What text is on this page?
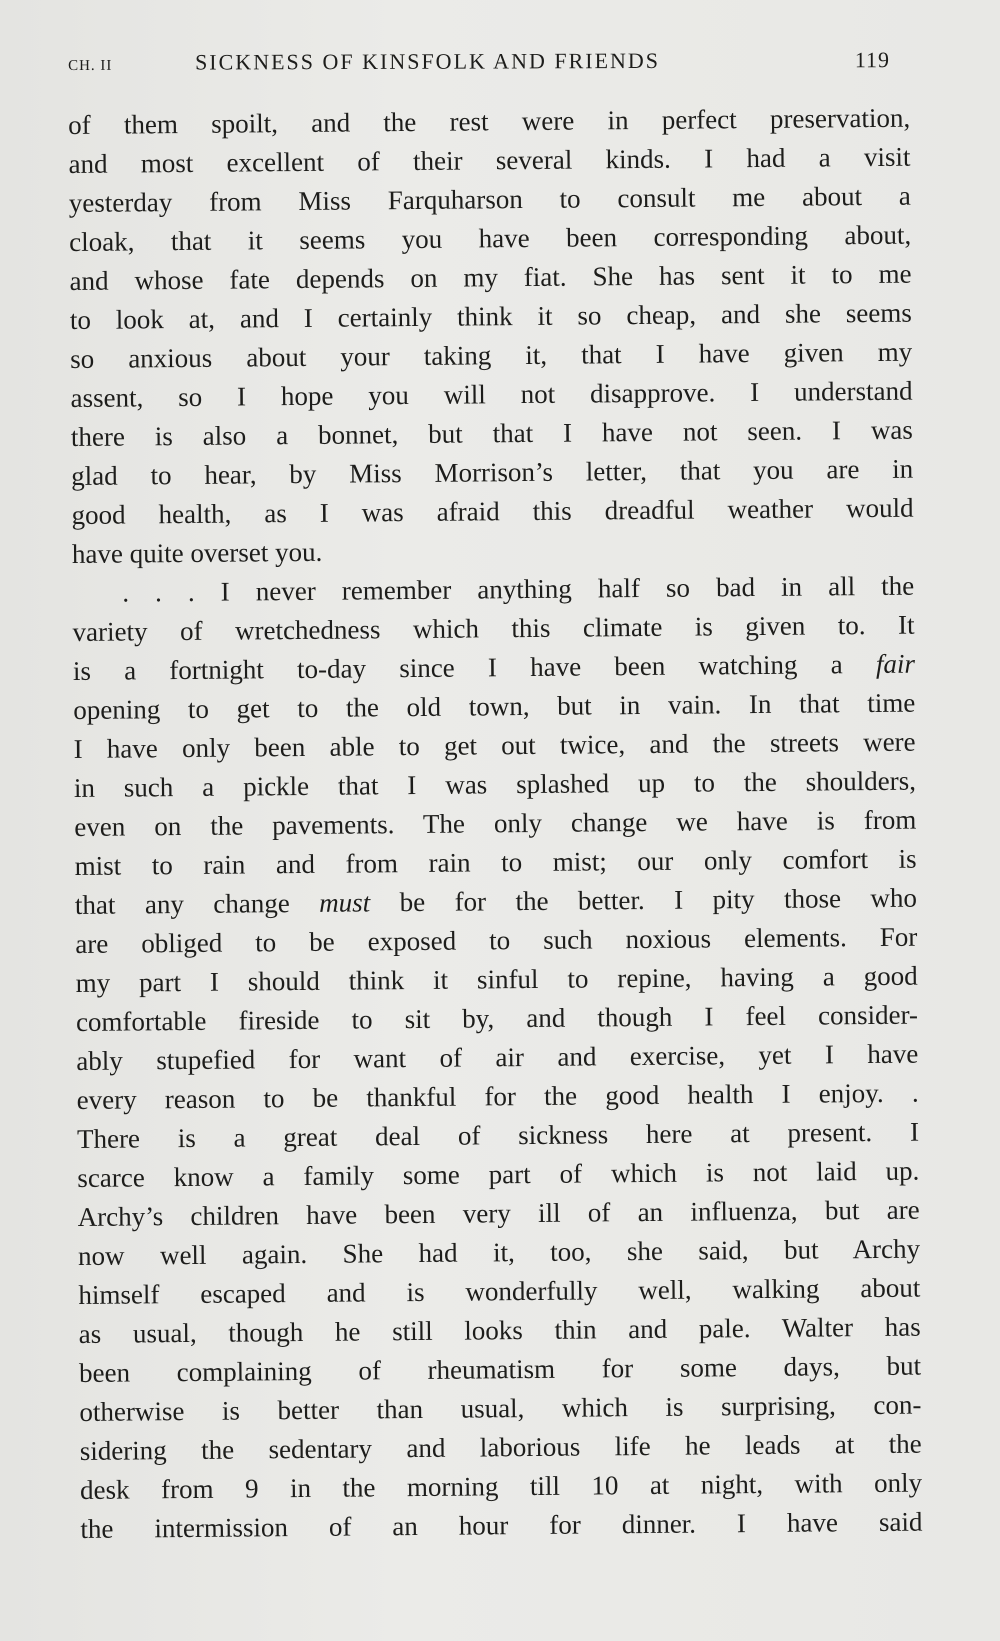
CH. II	SICKNESS OF KINSFOLK AND FRIENDS	119
of them spoilt, and the rest were in perfect preservation,
and most excellent of their several kinds. I had a visit
yesterday from Miss Farquharson to consult me about a
cloak, that it seems you have been corresponding about,
and whose fate depends on my fiat. She has sent it to me
to look at, and I certainly think it so cheap, and she seems
so anxious about your taking it, that I have given my
assent, so I hope you will not disapprove. I understand
there is also a bonnet, but that I have not seen. I was
glad to hear, by Miss Morrison’s letter, that you are in
good health, as I was afraid this dreadful weather would
have quite overset you.
. . . I never remember anything half so bad in all the
variety of wretchedness which this climate is given to. It
is a fortnight to-day since I have been watching a fair
opening to get to the old town, but in vain. In that time
I have only been able to get out twice, and the streets were
in such a pickle that I was splashed up to the shoulders,
even on the pavements. The only change we have is from
mist to rain and from rain to mist; our only comfort is
that any change must be for the better. I pity those who
are obliged to be exposed to such noxious elements. For
my part I should think it sinful to repine, having a good
comfortable fireside to sit by, and though I feel consider-
ably stupefied for want of air and exercise, yet I have
every reason to be thankful for the good health I enjoy. .
There is a great deal of sickness here at present. I
scarce know a family some part of which is not laid up.
Archy’s children have been very ill of an influenza, but are
now well again. She had it, too, she said, but Archy
himself escaped and is wonderfully well, walking about
as usual, though he still looks thin and pale. Walter has
been complaining of rheumatism for some days, but
otherwise is better than usual, which is surprising, con-
sidering the sedentary and laborious life he leads at the
desk from 9 in the morning till 10 at night, with only
the intermission of an hour for dinner. I have said
